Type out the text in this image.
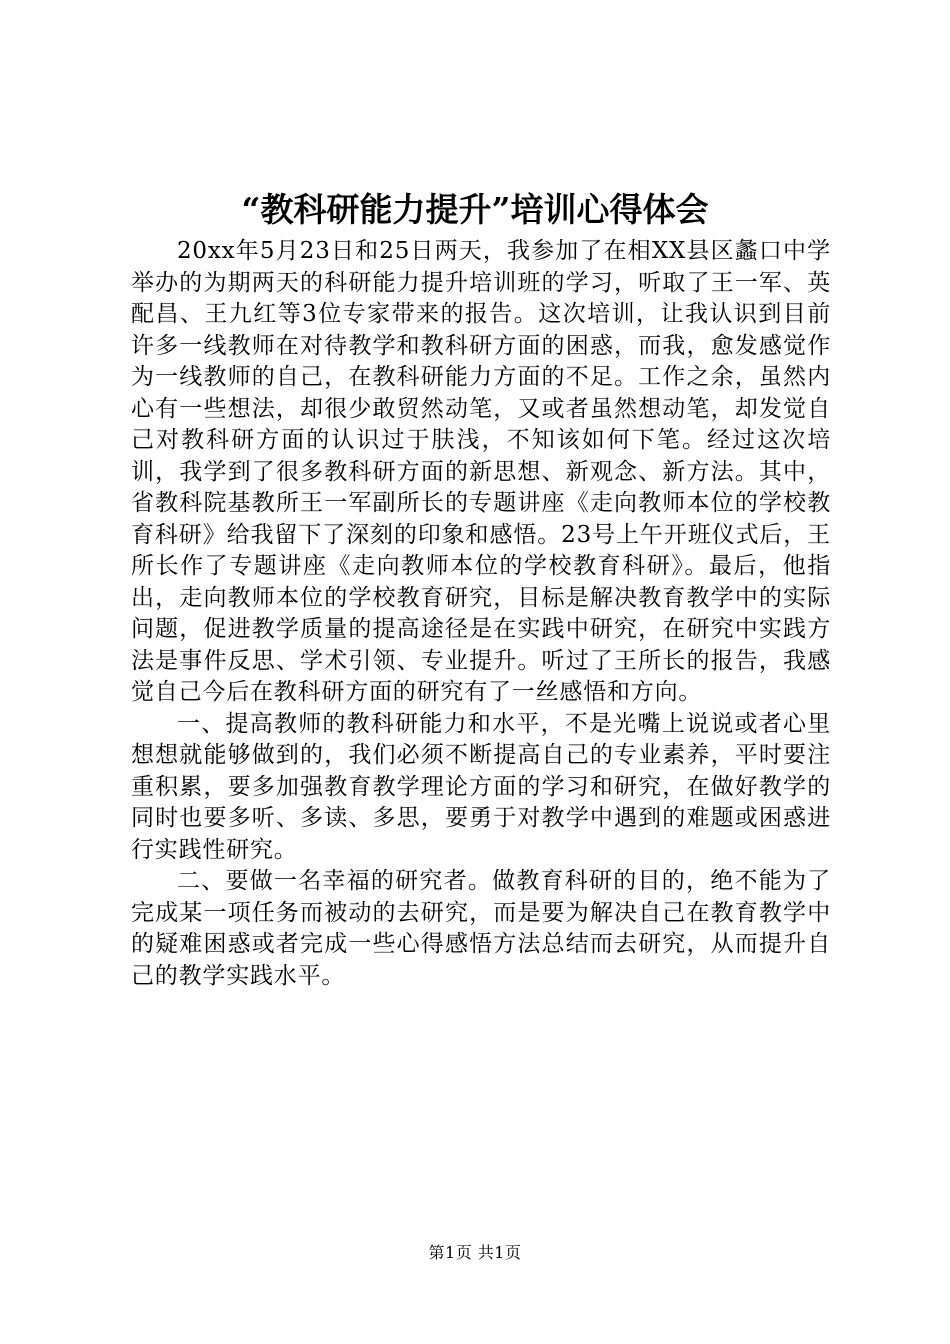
“教科研能力提升”培训心得体会

20xx年5月23日和25日两天，我参加了在相XX县区蠡口中学举办的为期两天的科研能力提升培训班的学习，听取了王一军、英配昌、王九红等3位专家带来的报告。这次培训，让我认识到目前许多一线教师在对待教学和教科研方面的困惑，而我，愈发感觉作为一线教师的自己，在教科研能力方面的不足。工作之余，虽然内心有一些想法，却很少敢贸然动笔，又或者虽然想动笔，却发觉自己对教科研方面的认识过于肤浅，不知该如何下笔。经过这次培训，我学到了很多教科研方面的新思想、新观念、新方法。其中，省教科院基教所王一军副所长的专题讲座《走向教师本位的学校教育科研》给我留下了深刻的印象和感悟。23号上午开班仪式后，王所长作了专题讲座《走向教师本位的学校教育科研》。最后，他指出，走向教师本位的学校教育研究，目标是解决教育教学中的实际问题，促进教学质量的提高途径是在实践中研究，在研究中实践方法是事件反思、学术引领、专业提升。听过了王所长的报告，我感觉自己今后在教科研方面的研究有了一丝感悟和方向。

一、提高教师的教科研能力和水平，不是光嘴上说说或者心里想想就能够做到的，我们必须不断提高自己的专业素养，平时要注重积累，要多加强教育教学理论方面的学习和研究，在做好教学的同时也要多听、多读、多思，要勇于对教学中遇到的难题或困惑进行实践性研究。

二、要做一名幸福的研究者。做教育科研的目的，绝不能为了完成某一项任务而被动的去研究，而是要为解决自己在教育教学中的疑难困惑或者完成一些心得感悟方法总结而去研究，从而提升自己的教学实践水平。

第1页 共1页
